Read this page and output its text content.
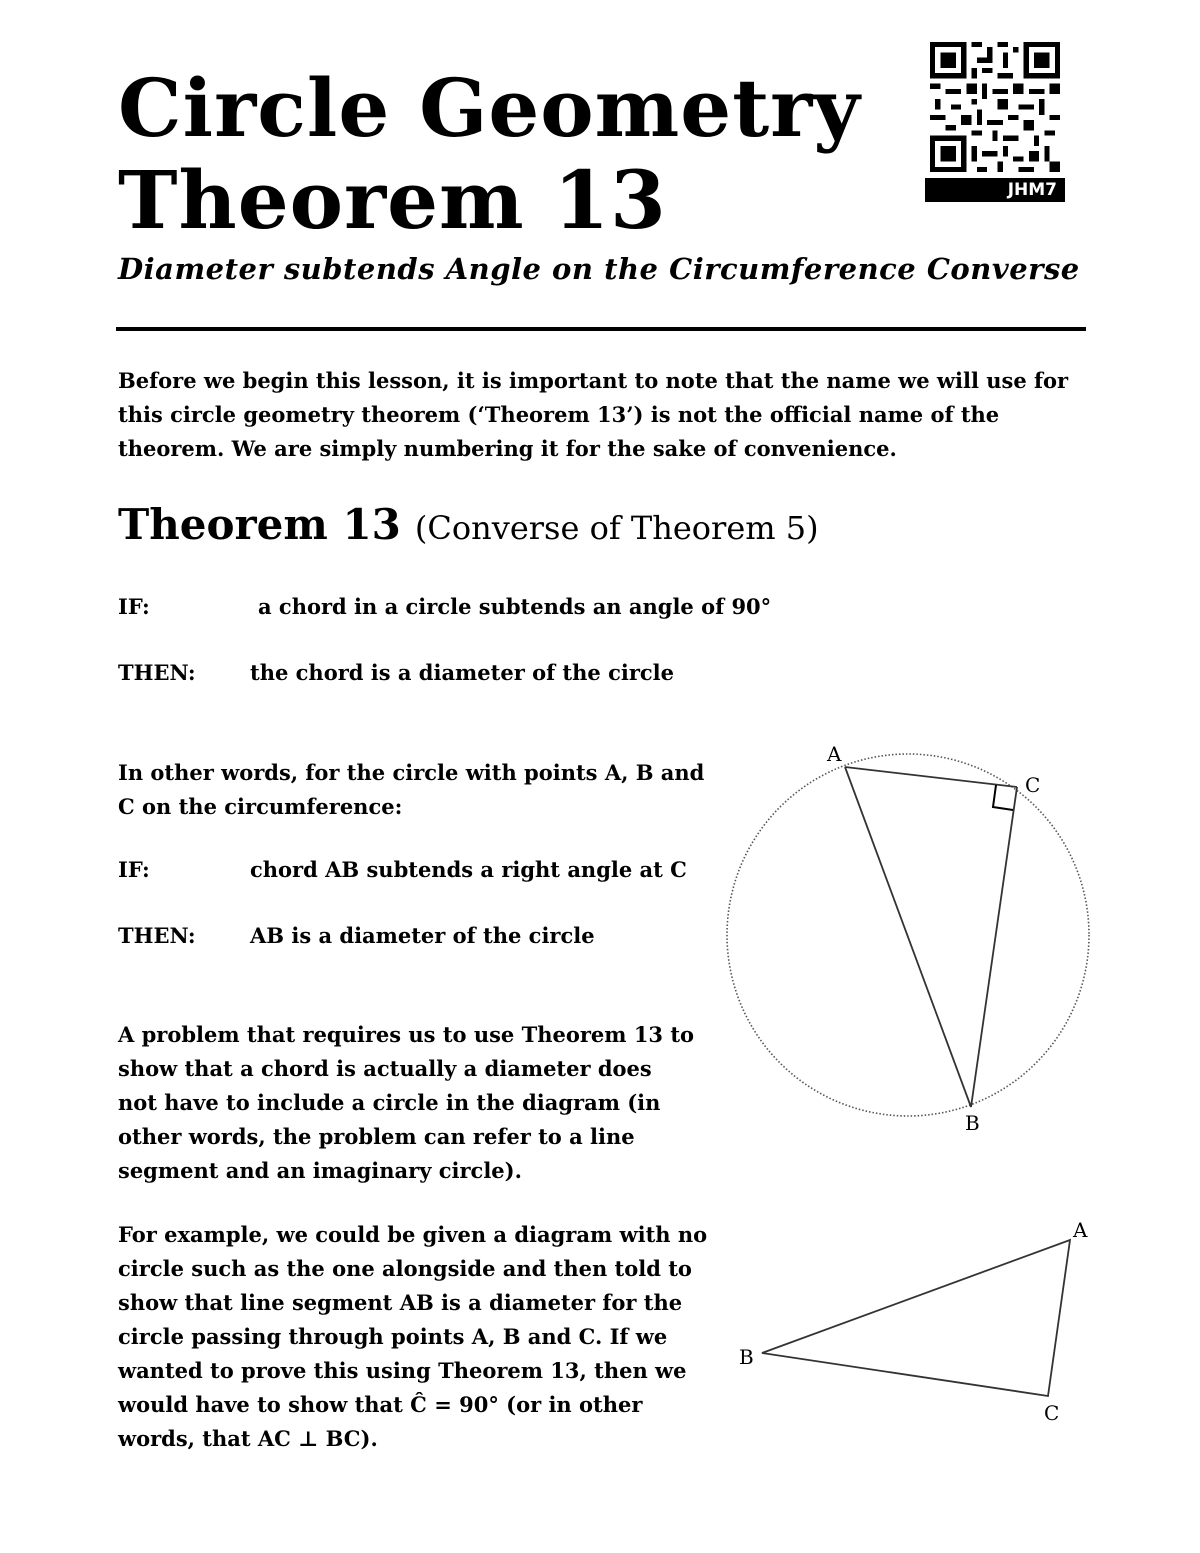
Circle Geometry
Theorem 13
Diameter subtends Angle on the Circumference Converse
JHM7
Before we begin this lesson, it is important to note that the name we will use for this circle geometry theorem (‘Theorem 13’) is not the official name of the theorem. We are simply numbering it for the sake of convenience.
Theorem 13 (Converse of Theorem 5)
IF:	a chord in a circle subtends an angle of 90°
THEN:	the chord is a diameter of the circle
In other words, for the circle with points A, B and C on the circumference:
IF:	chord AB subtends a right angle at C
THEN:	AB is a diameter of the circle
A problem that requires us to use Theorem 13 to show that a chord is actually a diameter does not have to include a circle in the diagram (in other words, the problem can refer to a line segment and an imaginary circle).
For example, we could be given a diagram with no circle such as the one alongside and then told to show that line segment AB is a diameter for the circle passing through points A, B and C. If we wanted to prove this using Theorem 13, then we would have to show that Ĉ = 90° (or in other words, that AC ⊥ BC).
A
C
B
A
B
C
